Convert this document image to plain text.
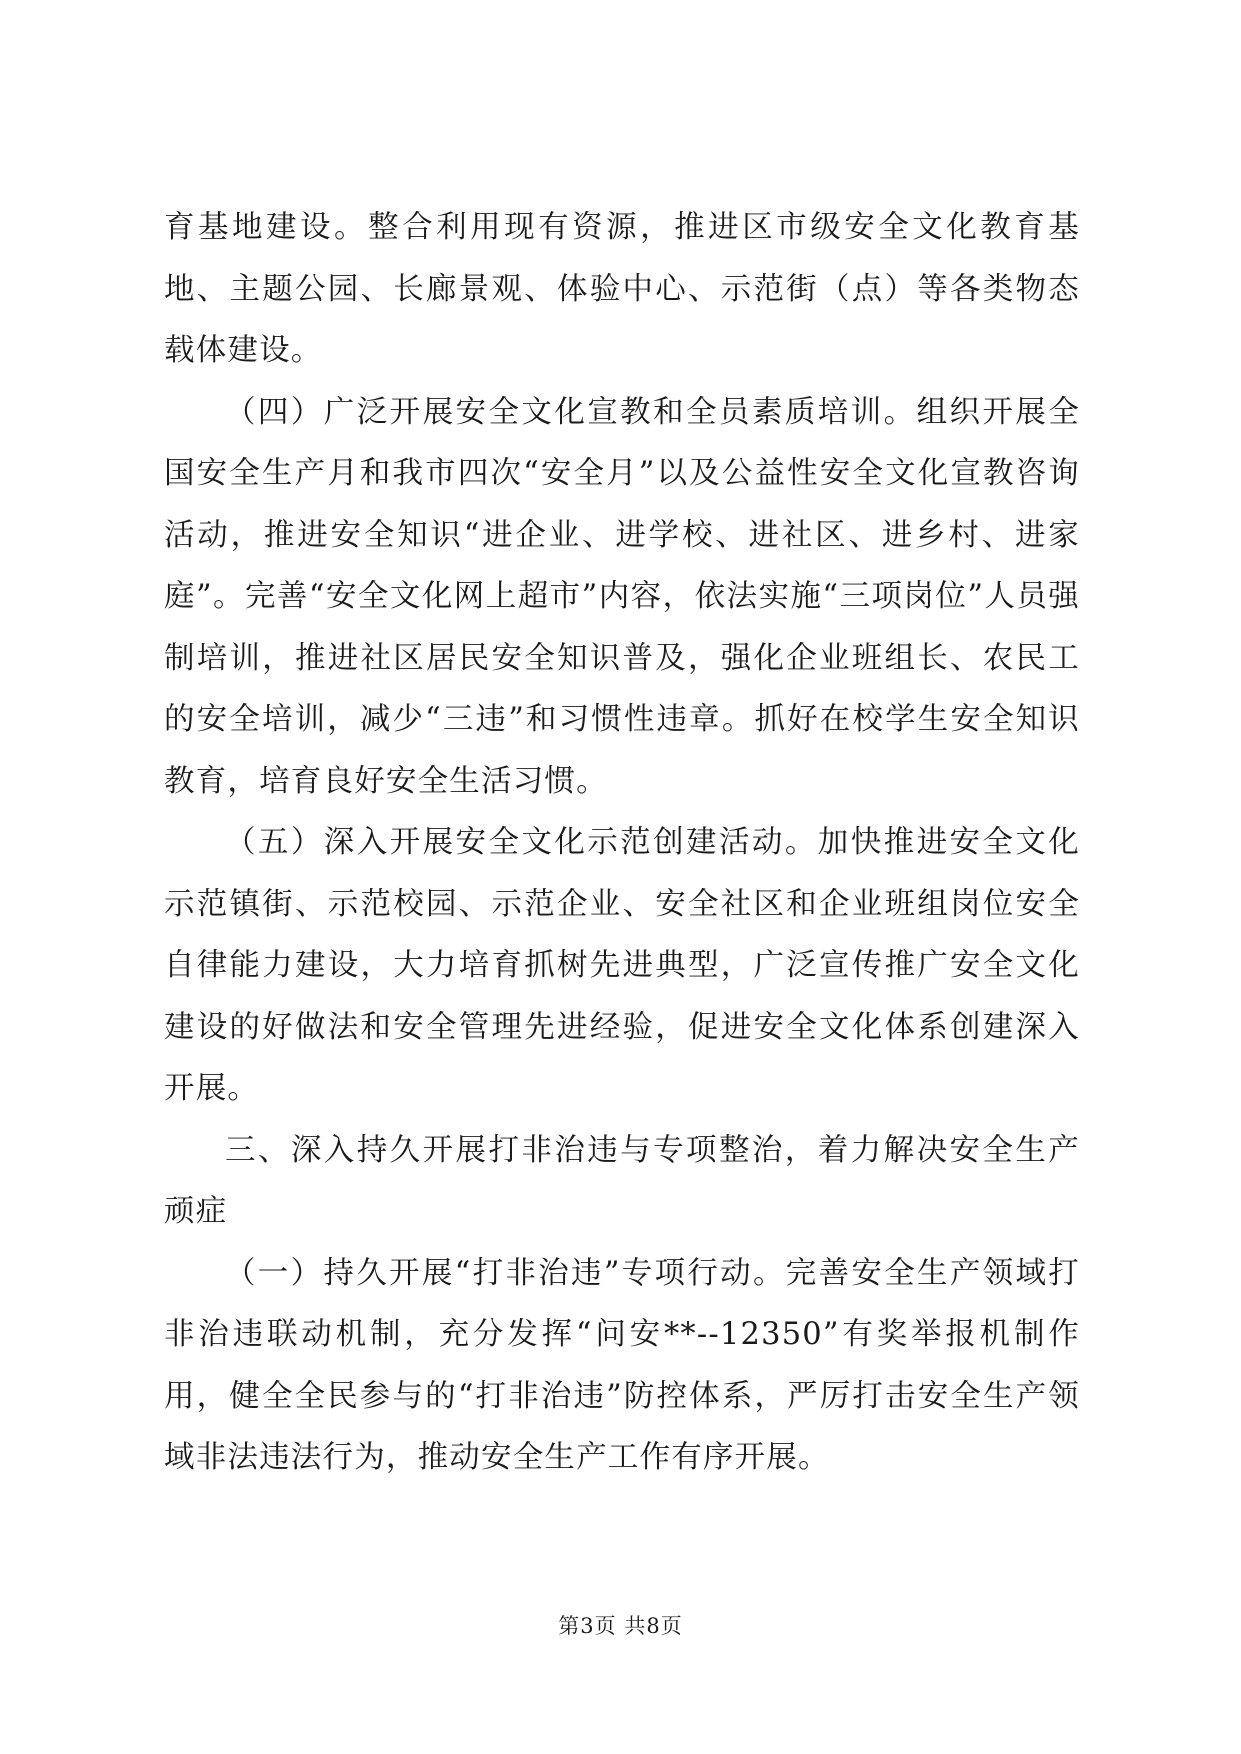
育基地建设。整合利用现有资源，推进区市级安全文化教育基地、主题公园、长廊景观、体验中心、示范街（点）等各类物态载体建设。

（四）广泛开展安全文化宣教和全员素质培训。组织开展全国安全生产月和我市四次“安全月”以及公益性安全文化宣教咨询活动，推进安全知识“进企业、进学校、进社区、进乡村、进家庭”。完善“安全文化网上超市”内容，依法实施“三项岗位”人员强制培训，推进社区居民安全知识普及，强化企业班组长、农民工的安全培训，减少“三违”和习惯性违章。抓好在校学生安全知识教育，培育良好安全生活习惯。

（五）深入开展安全文化示范创建活动。加快推进安全文化示范镇街、示范校园、示范企业、安全社区和企业班组岗位安全自律能力建设，大力培育抓树先进典型，广泛宣传推广安全文化建设的好做法和安全管理先进经验，促进安全文化体系创建深入开展。

三、深入持久开展打非治违与专项整治，着力解决安全生产顽症

（一）持久开展“打非治违”专项行动。完善安全生产领域打非治违联动机制，充分发挥“问安**--12350”有奖举报机制作用，健全全民参与的“打非治违”防控体系，严厉打击安全生产领域非法违法行为，推动安全生产工作有序开展。

第3页 共8页
